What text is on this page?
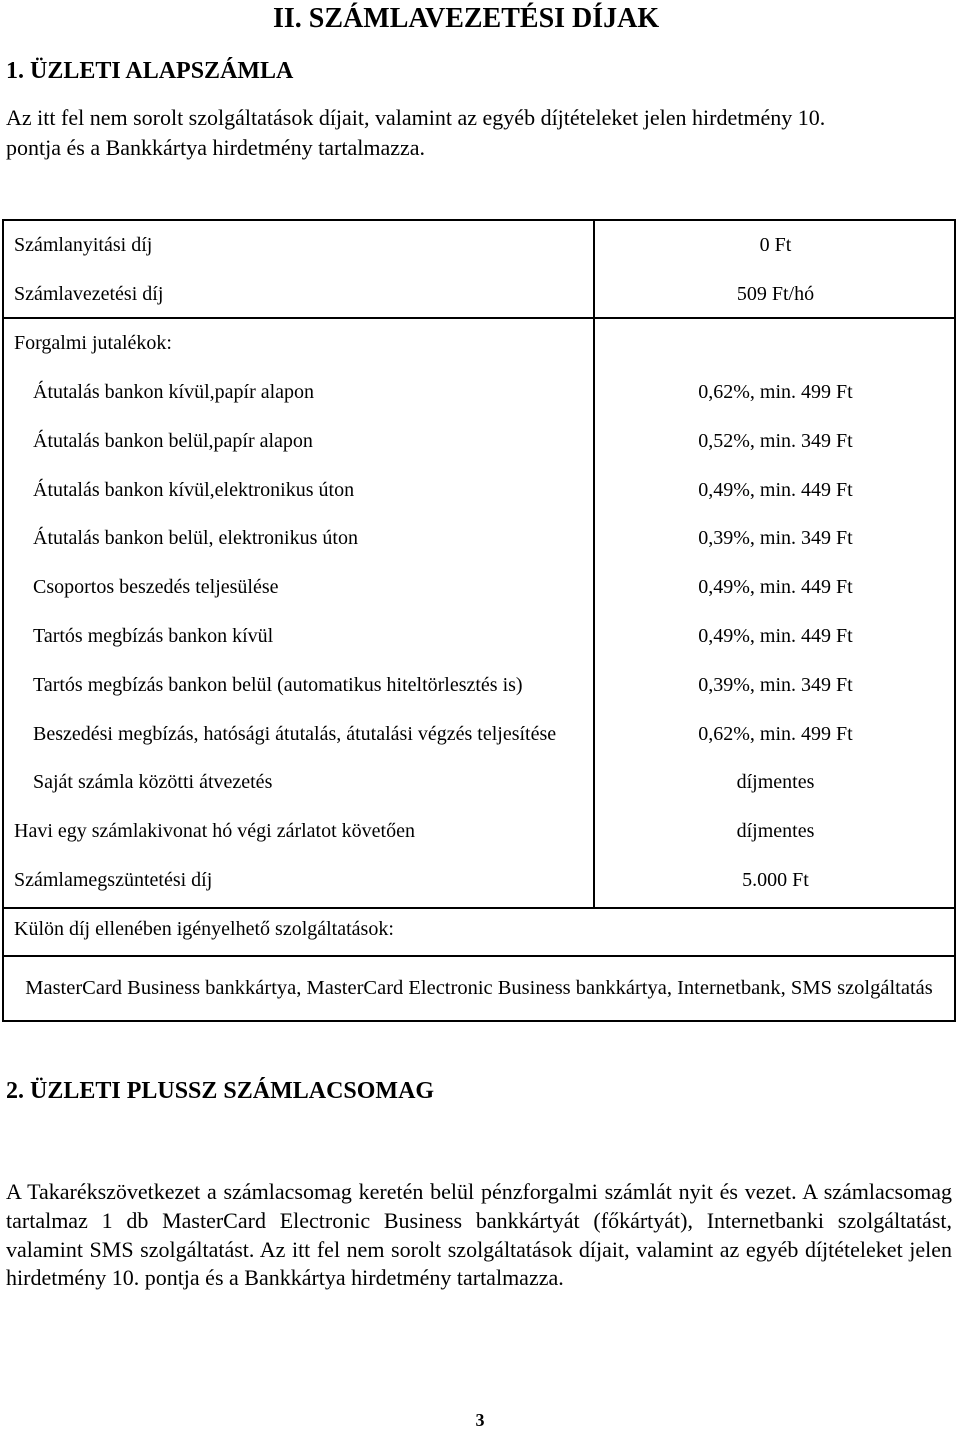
II. SZÁMLAVEZETÉSI DÍJAK
1. ÜZLETI ALAPSZÁMLA
Az itt fel nem sorolt szolgáltatások díjait, valamint az egyéb díjtételeket jelen hirdetmény 10.
pontja és a Bankkártya hirdetmény tartalmazza.
Számlanyitási díj	0 Ft
Számlavezetési díj	509 Ft/hó
Forgalmi jutalékok:
Átutalás bankon kívül,papír alapon	0,62%, min. 499 Ft
Átutalás bankon belül,papír alapon	0,52%, min. 349 Ft
Átutalás bankon kívül,elektronikus úton	0,49%, min. 449 Ft
Átutalás bankon belül, elektronikus úton	0,39%, min. 349 Ft
Csoportos beszedés teljesülése	0,49%, min. 449 Ft
Tartós megbízás bankon kívül	0,49%, min. 449 Ft
Tartós megbízás bankon belül (automatikus hiteltörlesztés is)	0,39%, min. 349 Ft
Beszedési megbízás, hatósági átutalás, átutalási végzés teljesítése	0,62%, min. 499 Ft
Saját számla közötti átvezetés	díjmentes
Havi egy számlakivonat hó végi zárlatot követően	díjmentes
Számlamegszüntetési díj	5.000 Ft
Külön díj ellenében igényelhető szolgáltatások:
MasterCard Business bankkártya, MasterCard Electronic Business bankkártya, Internetbank, SMS szolgáltatás
2. ÜZLETI PLUSSZ SZÁMLACSOMAG
A Takarékszövetkezet a számlacsomag keretén belül pénzforgalmi számlát nyit és vezet. A számlacsomag tartalmaz 1 db MasterCard Electronic Business bankkártyát (főkártyát), Internetbanki szolgáltatást, valamint SMS szolgáltatást. Az itt fel nem sorolt szolgáltatások díjait, valamint az egyéb díjtételeket jelen hirdetmény 10. pontja és a Bankkártya hirdetmény tartalmazza.
3
